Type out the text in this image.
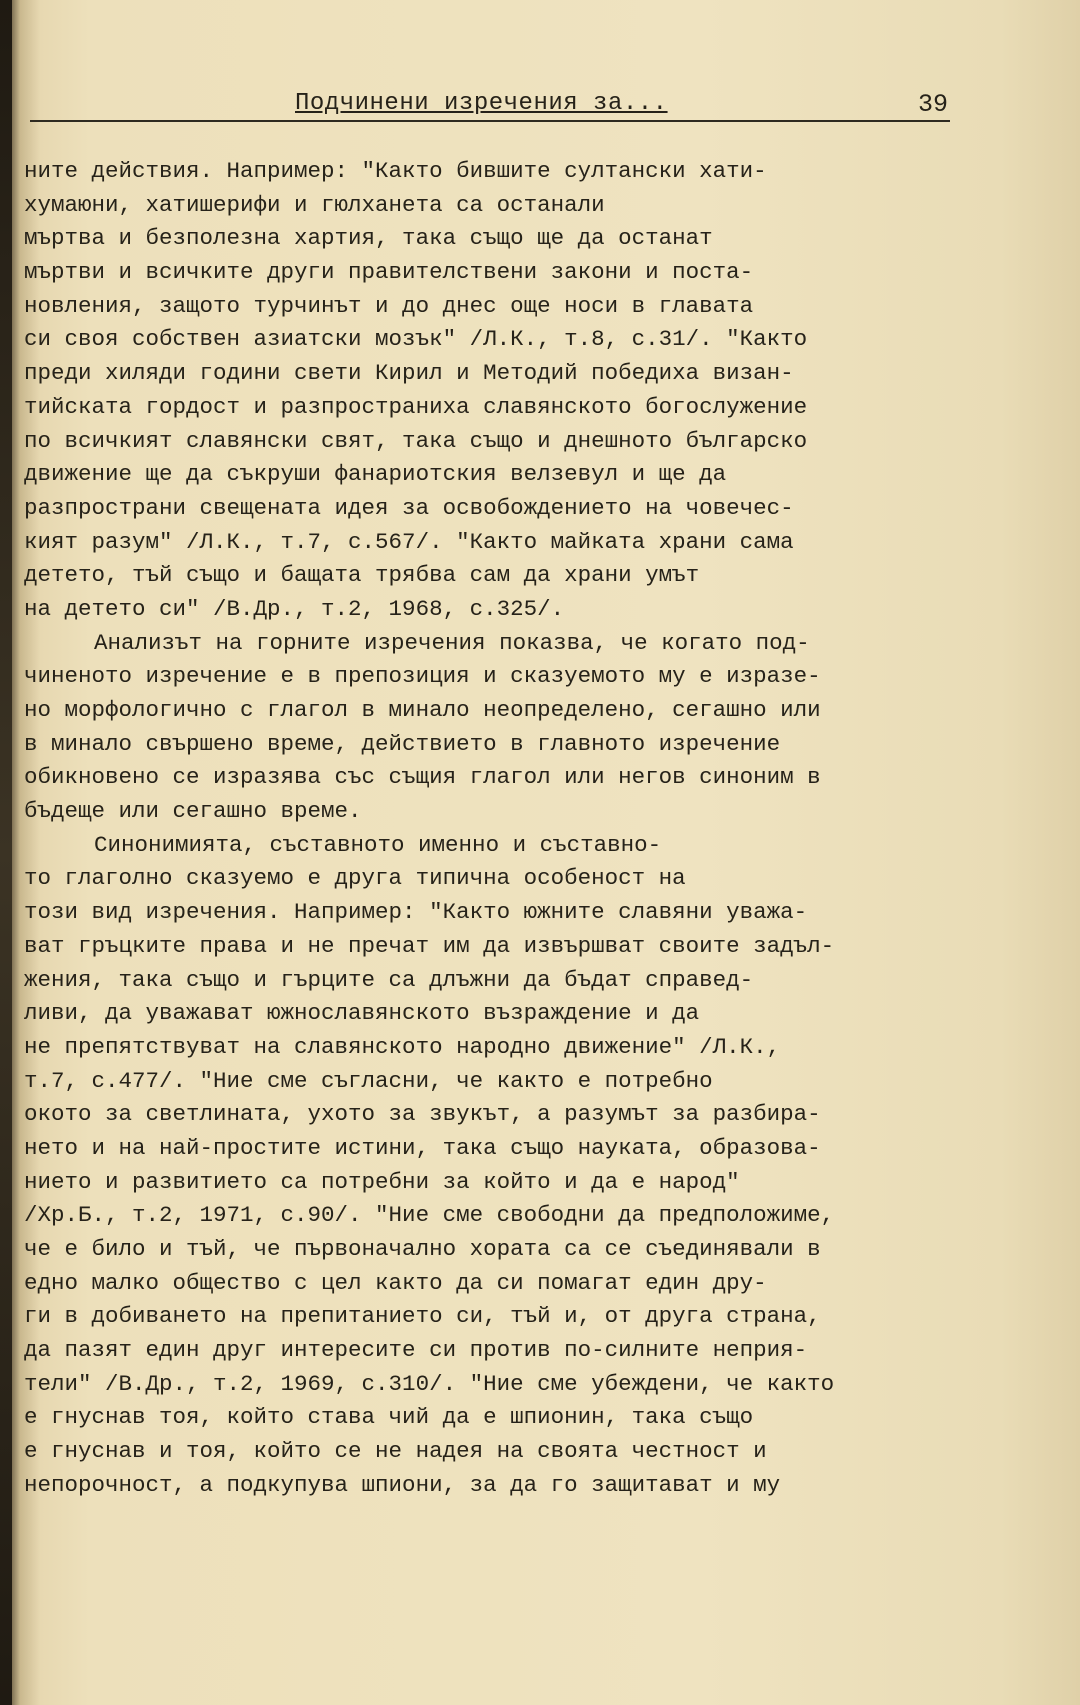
Подчинени изречения за...	39
ните действия. Например: "Както бившите султански хати-
хумаюни, хатишерифи и гюлханета са останали
мъртва и безполезна хартия, така също ще да останат
мъртви и всичките други правителствени закони и поста-
новления, защото турчинът и до днес още носи в главата
си своя собствен азиатски мозък" /Л.К., т.8, с.31/. "Както
преди хиляди години свети Кирил и Методий победиха визан-
тийската гордост и разпространиха славянското богослужение
по всичкият славянски свят, така също и днешното българско
движение ще да съкруши фанариотския велзевул и ще да
разпространи свещената идея за освобождението на човечес-
кият разум" /Л.К., т.7, с.567/. "Както майката храни сама
детето, тъй също и бащата трябва сам да храни умът
на детето си" /В.Др., т.2, 1968, с.325/.
Анализът на горните изречения показва, че когато под-
чиненото изречение е в препозиция и сказуемото му е изразе-
но морфологично с глагол в минало неопределено, сегашно или
в минало свършено време, действието в главното изречение
обикновено се изразява със същия глагол или негов синоним в
бъдеще или сегашно време.
Синонимията, съставното именно и съставно-
то глаголно сказуемо е друга типична особеност на
този вид изречения. Например: "Както южните славяни уважа-
ват гръцките права и не пречат им да извършват своите задъл-
жения, така също и гърците са длъжни да бъдат справед-
ливи, да уважават южнославянското възраждение и да
не препятствуват на славянското народно движение" /Л.К.,
т.7, с.477/. "Ние сме съгласни, че както е потребно
окото за светлината, ухото за звукът, а разумът за разбира-
нето и на най-простите истини, така също науката, образова-
нието и развитието са потребни за който и да е народ"
/Хр.Б., т.2, 1971, с.90/. "Ние сме свободни да предположиме,
че е било и тъй, че първоначално хората са се съединявали в
едно малко общество с цел както да си помагат един дру-
ги в добиването на препитанието си, тъй и, от друга страна,
да пазят един друг интересите си против по-силните неприя-
тели" /В.Др., т.2, 1969, с.310/. "Ние сме убеждени, че както
е гнуснав тоя, който става чий да е шпионин, така също
е гнуснав и тоя, който се не надея на своята честност и
непорочност, а подкупува шпиони, за да го защитават и му
